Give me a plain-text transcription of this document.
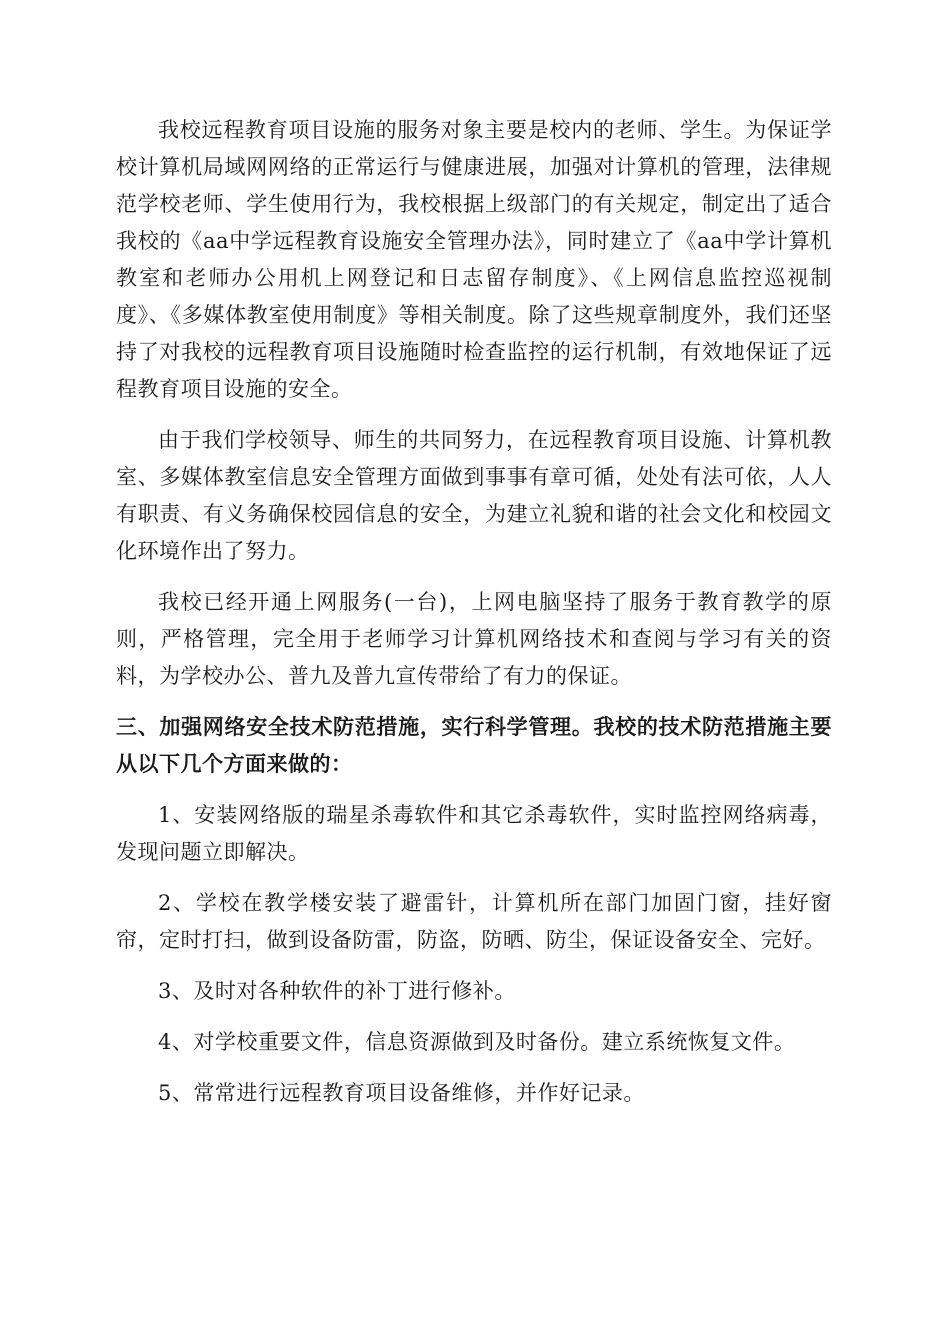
我校远程教育项目设施的服务对象主要是校内的老师、学生。为保证学校计算机局域网网络的正常运行与健康进展，加强对计算机的管理，法律规范学校老师、学生使用行为，我校根据上级部门的有关规定，制定出了适合我校的《aa中学远程教育设施安全管理办法》，同时建立了《aa中学计算机教室和老师办公用机上网登记和日志留存制度》、《上网信息监控巡视制度》、《多媒体教室使用制度》等相关制度。除了这些规章制度外，我们还坚持了对我校的远程教育项目设施随时检查监控的运行机制，有效地保证了远程教育项目设施的安全。

由于我们学校领导、师生的共同努力，在远程教育项目设施、计算机教室、多媒体教室信息安全管理方面做到事事有章可循，处处有法可依，人人有职责、有义务确保校园信息的安全，为建立礼貌和谐的社会文化和校园文化环境作出了努力。

我校已经开通上网服务(一台)，上网电脑坚持了服务于教育教学的原则，严格管理，完全用于老师学习计算机网络技术和查阅与学习有关的资料，为学校办公、普九及普九宣传带给了有力的保证。

三、加强网络安全技术防范措施，实行科学管理。我校的技术防范措施主要从以下几个方面来做的：

1、安装网络版的瑞星杀毒软件和其它杀毒软件，实时监控网络病毒，发现问题立即解决。

2、学校在教学楼安装了避雷针，计算机所在部门加固门窗，挂好窗帘，定时打扫，做到设备防雷，防盗，防晒、防尘，保证设备安全、完好。

3、及时对各种软件的补丁进行修补。

4、对学校重要文件，信息资源做到及时备份。建立系统恢复文件。

5、常常进行远程教育项目设备维修，并作好记录。
